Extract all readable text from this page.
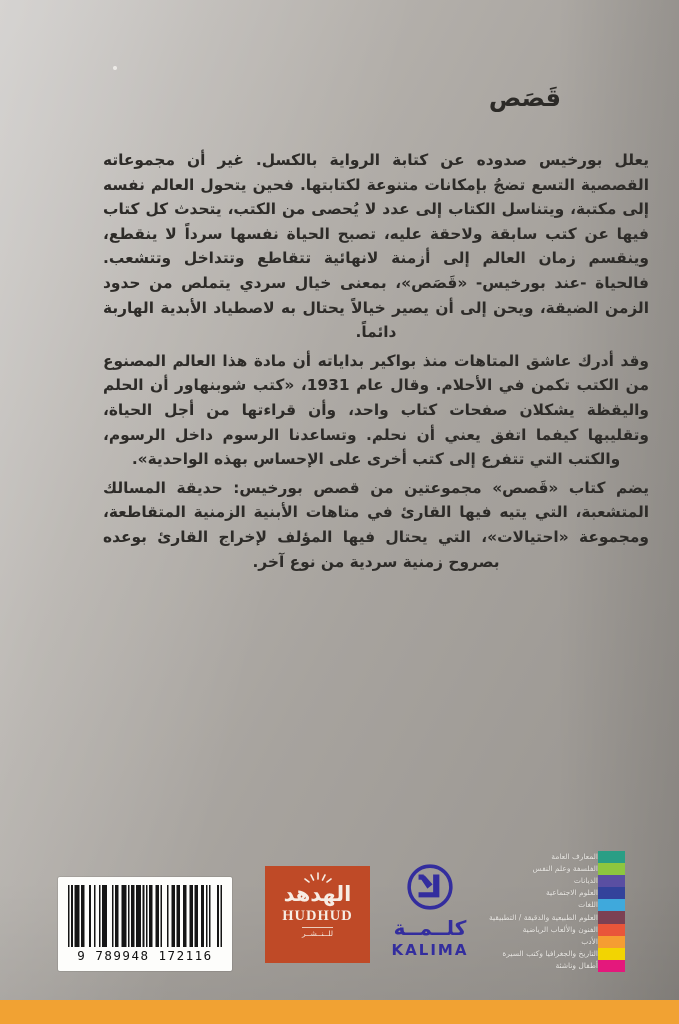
قَصَص

يعلل بورخيس صدوده عن كتابة الرواية بالكسل. غير أن مجموعاته القصصية التسع تضجُ بإمكانات متنوعة لكتابتها. فحين يتحول العالم نفسه إلى مكتبة، ويتناسل الكتاب إلى عدد لا يُحصى من الكتب، يتحدث كل كتاب فيها عن كتب سابقة ولاحقة عليه، تصبح الحياة نفسها سرداً لا ينقطع، وينقسم زمان العالم إلى أزمنة لانهائية تتقاطع وتتداخل وتتشعب. فالحياة -عند بورخيس- «قَصَص»، بمعنى خيال سردي يتملص من حدود الزمن الضيقة، ويحن إلى أن يصير خيالاً يحتال به لاصطياد الأبدية الهاربة دائماً.

وقد أدرك عاشق المتاهات منذ بواكير بداياته أن مادة هذا العالم المصنوع من الكتب تكمن في الأحلام. وقال عام 1931، «كتب شوبنهاور أن الحلم واليقظة يشكلان صفحات كتاب واحد، وأن قراءتها من أجل الحياة، وتقليبها كيفما اتفق يعني أن نحلم. وتساعدنا الرسوم داخل الرسوم، والكتب التي تتفرع إلى كتب أخرى على الإحساس بهذه الواحدية».

يضم كتاب «قَصص» مجموعتين من قصص بورخيس: حديقة المسالك المتشعبة، التي يتيه فيها القارئ في متاهات الأبنية الزمنية المتقاطعة، ومجموعة «احتيالات»، التي يحتال فيها المؤلف لإخراج القارئ بوعده بصروح زمنية سردية من نوع آخر.

9 789948 172116
الهدهد
HUDHUD
للــنــشــر	كلــمــة
KALIMA
المعارف العامة
الفلسفة وعلم النفس
الديانات
العلوم الاجتماعية
اللغات
العلوم الطبيعية والدقيقة / التطبيقية
الفنون والألعاب الرياضية
الأدب
التاريخ والجغرافيا وكتب السيرة
أطفال وناشئة
